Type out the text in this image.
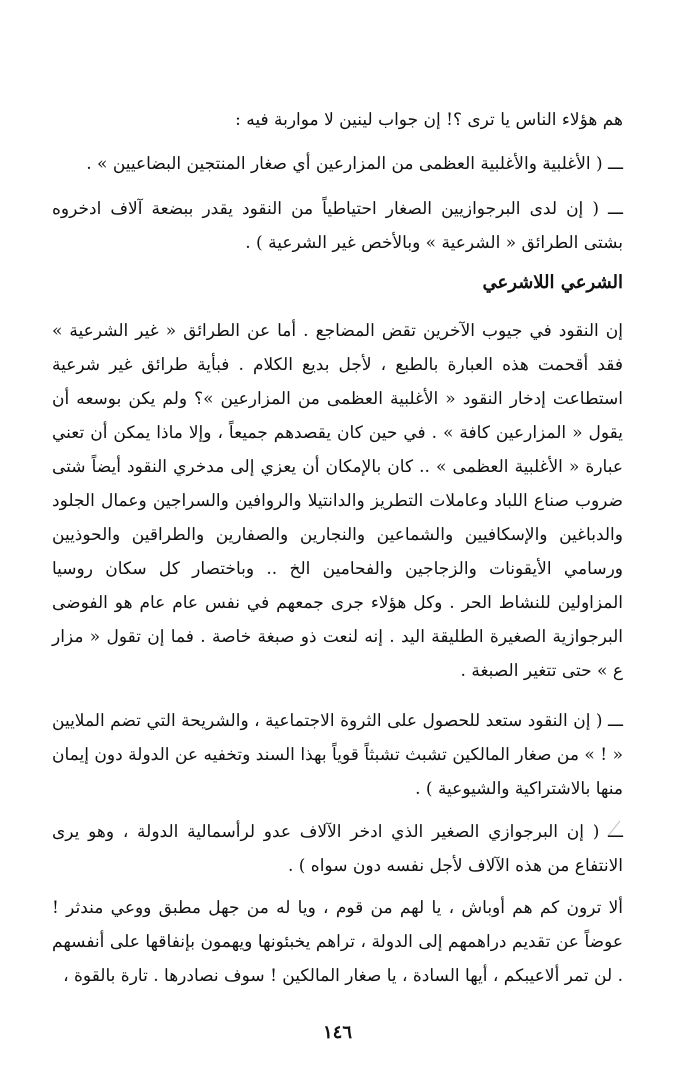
هم هؤلاء الناس يا ترى ؟! إن جواب لينين لا مواربة فيه :

ـــ ( الأغلبية والأغلبية العظمى من المزارعين أي صغار المنتجين البضاعيين » .

ـــ ( إن لدى البرجوازيين الصغار احتياطياً من النقود يقدر ببضعة آلاف ادخروه بشتى الطرائق « الشرعية » وبالأخص غير الشرعية ) .

الشرعي اللاشرعي

إن النقود في جيوب الآخرين تقض المضاجع . أما عن الطرائق « غير الشرعية » فقد أقحمت هذه العبارة بالطبع ، لأجل بديع الكلام . فبأية طرائق غير شرعية استطاعت إدخار النقود « الأغلبية العظمى من المزارعين »؟ ولم يكن بوسعه أن يقول « المزارعين كافة » . في حين كان يقصدهم جميعاً ، وإلا ماذا يمكن أن تعني عبارة « الأغلبية العظمى » .. كان بالإمكان أن يعزي إلى مدخري النقود أيضاً شتى ضروب صناع اللباد وعاملات التطريز والدانتيلا والروافين والسراجين وعمال الجلود والدباغين والإسكافيين والشماعين والنجارين والصفارين والطراقين والحوذيين ورسامي الأيقونات والزجاجين والفحامين الخ .. وباختصار كل سكان روسيا المزاولين للنشاط الحر . وكل هؤلاء جرى جمعهم في نفس عام عام هو الفوضى البرجوازية الصغيرة الطليقة اليد . إنه لنعت ذو صبغة خاصة . فما إن تقول « مزار ع » حتى تتغير الصبغة .

ـــ ( إن النقود ستعد للحصول على الثروة الاجتماعية ، والشريحة التي تضم الملايين « ! » من صغار المالكين تشبث تشبثاً قوياً بهذا السند وتخفيه عن الدولة دون إيمان منها بالاشتراكية والشيوعية ) .

ـــ ( إن البرجوازي الصغير الذي ادخر الآلاف عدو لرأسمالية الدولة ، وهو يرى الانتفاع من هذه الآلاف لأجل نفسه دون سواه ) .

ألا ترون كم هم أوباش ، يا لهم من قوم ، ويا له من جهل مطبق ووعي مندثر ! عوضاً عن تقديم دراهمهم إلى الدولة ، تراهم يخبئونها ويهمون بإنفاقها على أنفسهم . لن تمر ألاعيبكم ، أيها السادة ، يا صغار المالكين ! سوف نصادرها . تارة بالقوة ،

١٤٦
